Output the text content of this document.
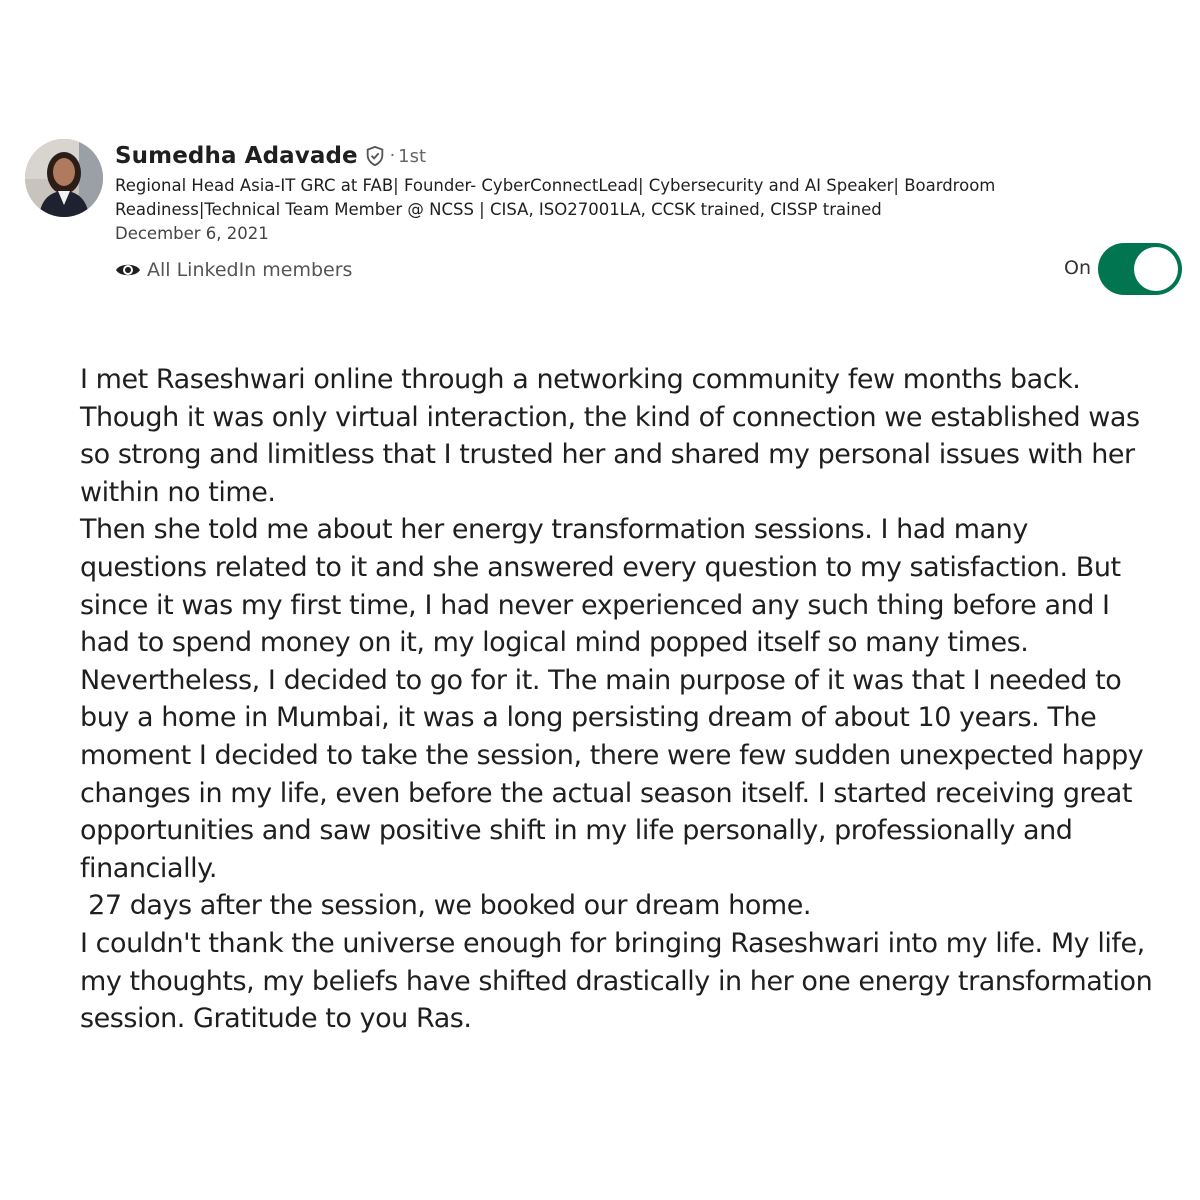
Sumedha Adavade · 1st
Regional Head Asia-IT GRC at FAB| Founder- CyberConnectLead| Cybersecurity and AI Speaker| Boardroom Readiness|Technical Team Member @ NCSS | CISA, ISO27001LA, CCSK trained, CISSP trained
December 6, 2021
All LinkedIn members	On
I met Raseshwari online through a networking community few months back. Though it was only virtual interaction, the kind of connection we established was so strong and limitless that I trusted her and shared my personal issues with her within no time.
Then she told me about her energy transformation sessions. I had many questions related to it and she answered every question to my satisfaction. But since it was my first time, I had never experienced any such thing before and I had to spend money on it, my logical mind popped itself so many times. Nevertheless, I decided to go for it. The main purpose of it was that I needed to buy a home in Mumbai, it was a long persisting dream of about 10 years. The moment I decided to take the session, there were few sudden unexpected happy changes in my life, even before the actual season itself. I started receiving great opportunities and saw positive shift in my life personally, professionally and financially.
27 days after the session, we booked our dream home.
I couldn't thank the universe enough for bringing Raseshwari into my life. My life, my thoughts, my beliefs have shifted drastically in her one energy transformation session. Gratitude to you Ras.
